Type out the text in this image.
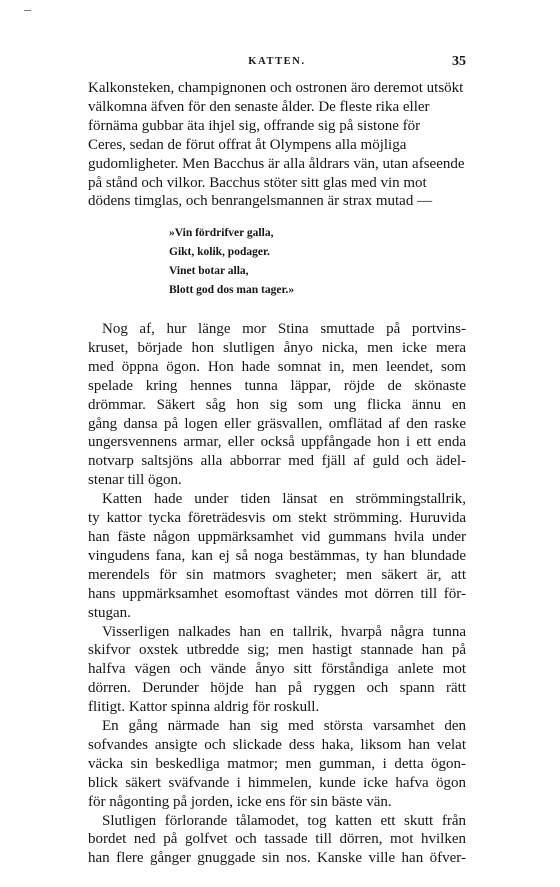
KATTEN.	35

Kalkonsteken, champignonen och ostronen äro deremot utsökt
välkomna äfven för den senaste ålder. De fleste rika eller
förnäma gubbar äta ihjel sig, offrande sig på sistone för
Ceres, sedan de förut offrat åt Olympens alla möjliga
gudomligheter. Men Bacchus är alla åldrars vän, utan afseende
på stånd och vilkor. Bacchus stöter sitt glas med vin mot
dödens timglas, och benrangelsmannen är strax mutad —

»Vin fördrifver galla,
Gikt, kolik, podager.
Vinet botar alla,
Blott god dos man tager.»

Nog af, hur länge mor Stina smuttade på portvins-
kruset, började hon slutligen ånyo nicka, men icke mera
med öppna ögon. Hon hade somnat in, men leendet, som
spelade kring hennes tunna läppar, röjde de skönaste
drömmar. Säkert såg hon sig som ung flicka ännu en
gång dansa på logen eller gräsvallen, omflätad af den raske
ungersvennens armar, eller också uppfångade hon i ett enda
notvarp saltsjöns alla abborrar med fjäll af guld och ädel-
stenar till ögon.

Katten hade under tiden länsat en strömmingstallrik,
ty kattor tycka företrädesvis om stekt strömming. Huruvida
han fäste någon uppmärksamhet vid gummans hvila under
vingudens fana, kan ej så noga bestämmas, ty han blundade
merendels för sin matmors svagheter; men säkert är, att
hans uppmärksamhet esomoftast vändes mot dörren till för-
stugan.

Visserligen nalkades han en tallrik, hvarpå några tunna
skifvor oxstek utbredde sig; men hastigt stannade han på
halfva vägen och vände ånyo sitt förståndiga anlete mot
dörren. Derunder höjde han på ryggen och spann rätt
flitigt. Kattor spinna aldrig för roskull.

En gång närmade han sig med största varsamhet den
sofvandes ansigte och slickade dess haka, liksom han velat
väcka sin beskedliga matmor; men gumman, i detta ögon-
blick säkert sväfvande i himmelen, kunde icke hafva ögon
för någonting på jorden, icke ens för sin bäste vän.

Slutligen förlorande tålamodet, tog katten ett skutt från
bordet ned på golfvet och tassade till dörren, mot hvilken
han flere gånger gnuggade sin nos. Kanske ville han öfver-
